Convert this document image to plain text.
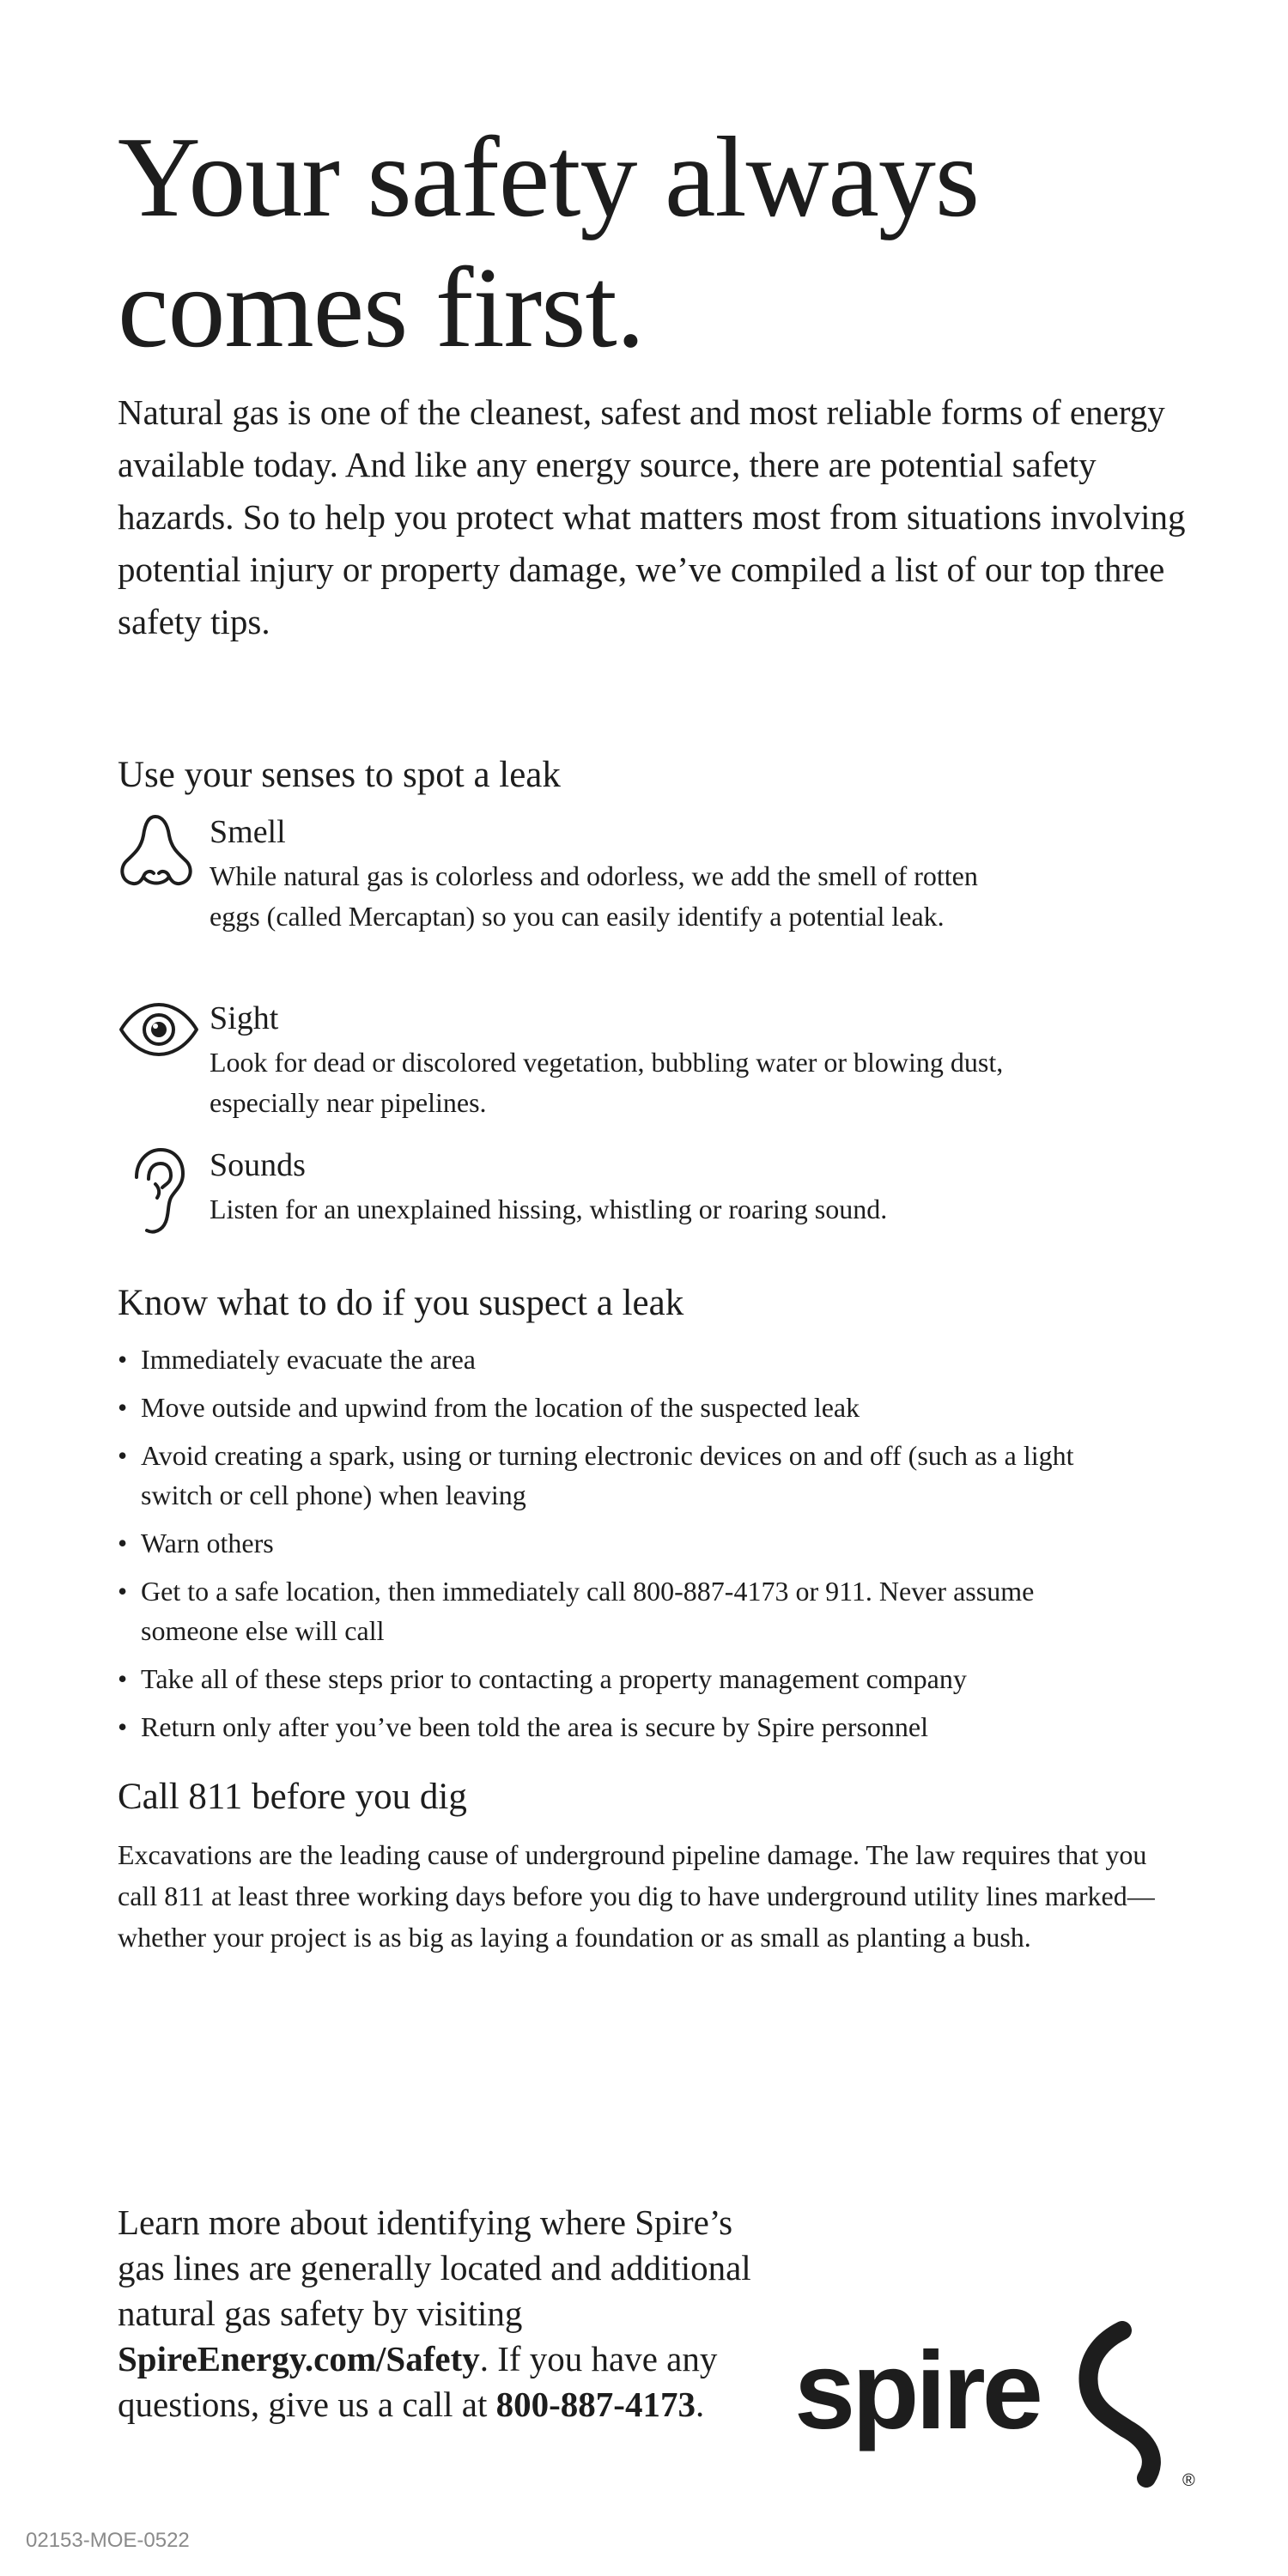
Your safety always
comes first.

Natural gas is one of the cleanest, safest and most reliable forms of energy available today. And like any energy source, there are potential safety hazards. So to help you protect what matters most from situations involving potential injury or property damage, we’ve compiled a list of our top three safety tips.

Use your senses to spot a leak
Smell

While natural gas is colorless and odorless, we add the smell of rotten eggs (called Mercaptan) so you can easily identify a potential leak.

Sight

Look for dead or discolored vegetation, bubbling water or blowing dust, especially near pipelines.

Sounds

Listen for an unexplained hissing, whistling or roaring sound.

Know what to do if you suspect a leak
• Immediately evacuate the area
• Move outside and upwind from the location of the suspected leak
• Avoid creating a spark, using or turning electronic devices on and off (such as a light switch or cell phone) when leaving
• Warn others
• Get to a safe location, then immediately call 800-887-4173 or 911. Never assume someone else will call
• Take all of these steps prior to contacting a property management company
• Return only after you’ve been told the area is secure by Spire personnel
Call 811 before you dig

Excavations are the leading cause of underground pipeline damage. The law requires that you call 811 at least three working days before you dig to have underground utility lines marked—whether your project is as big as laying a foundation or as small as planting a bush.

Learn more about identifying where Spire’s gas lines are generally located and additional natural gas safety by visiting SpireEnergy.com/Safety. If you have any questions, give us a call at 800-887-4173. spire
®
02153-MOE-0522
